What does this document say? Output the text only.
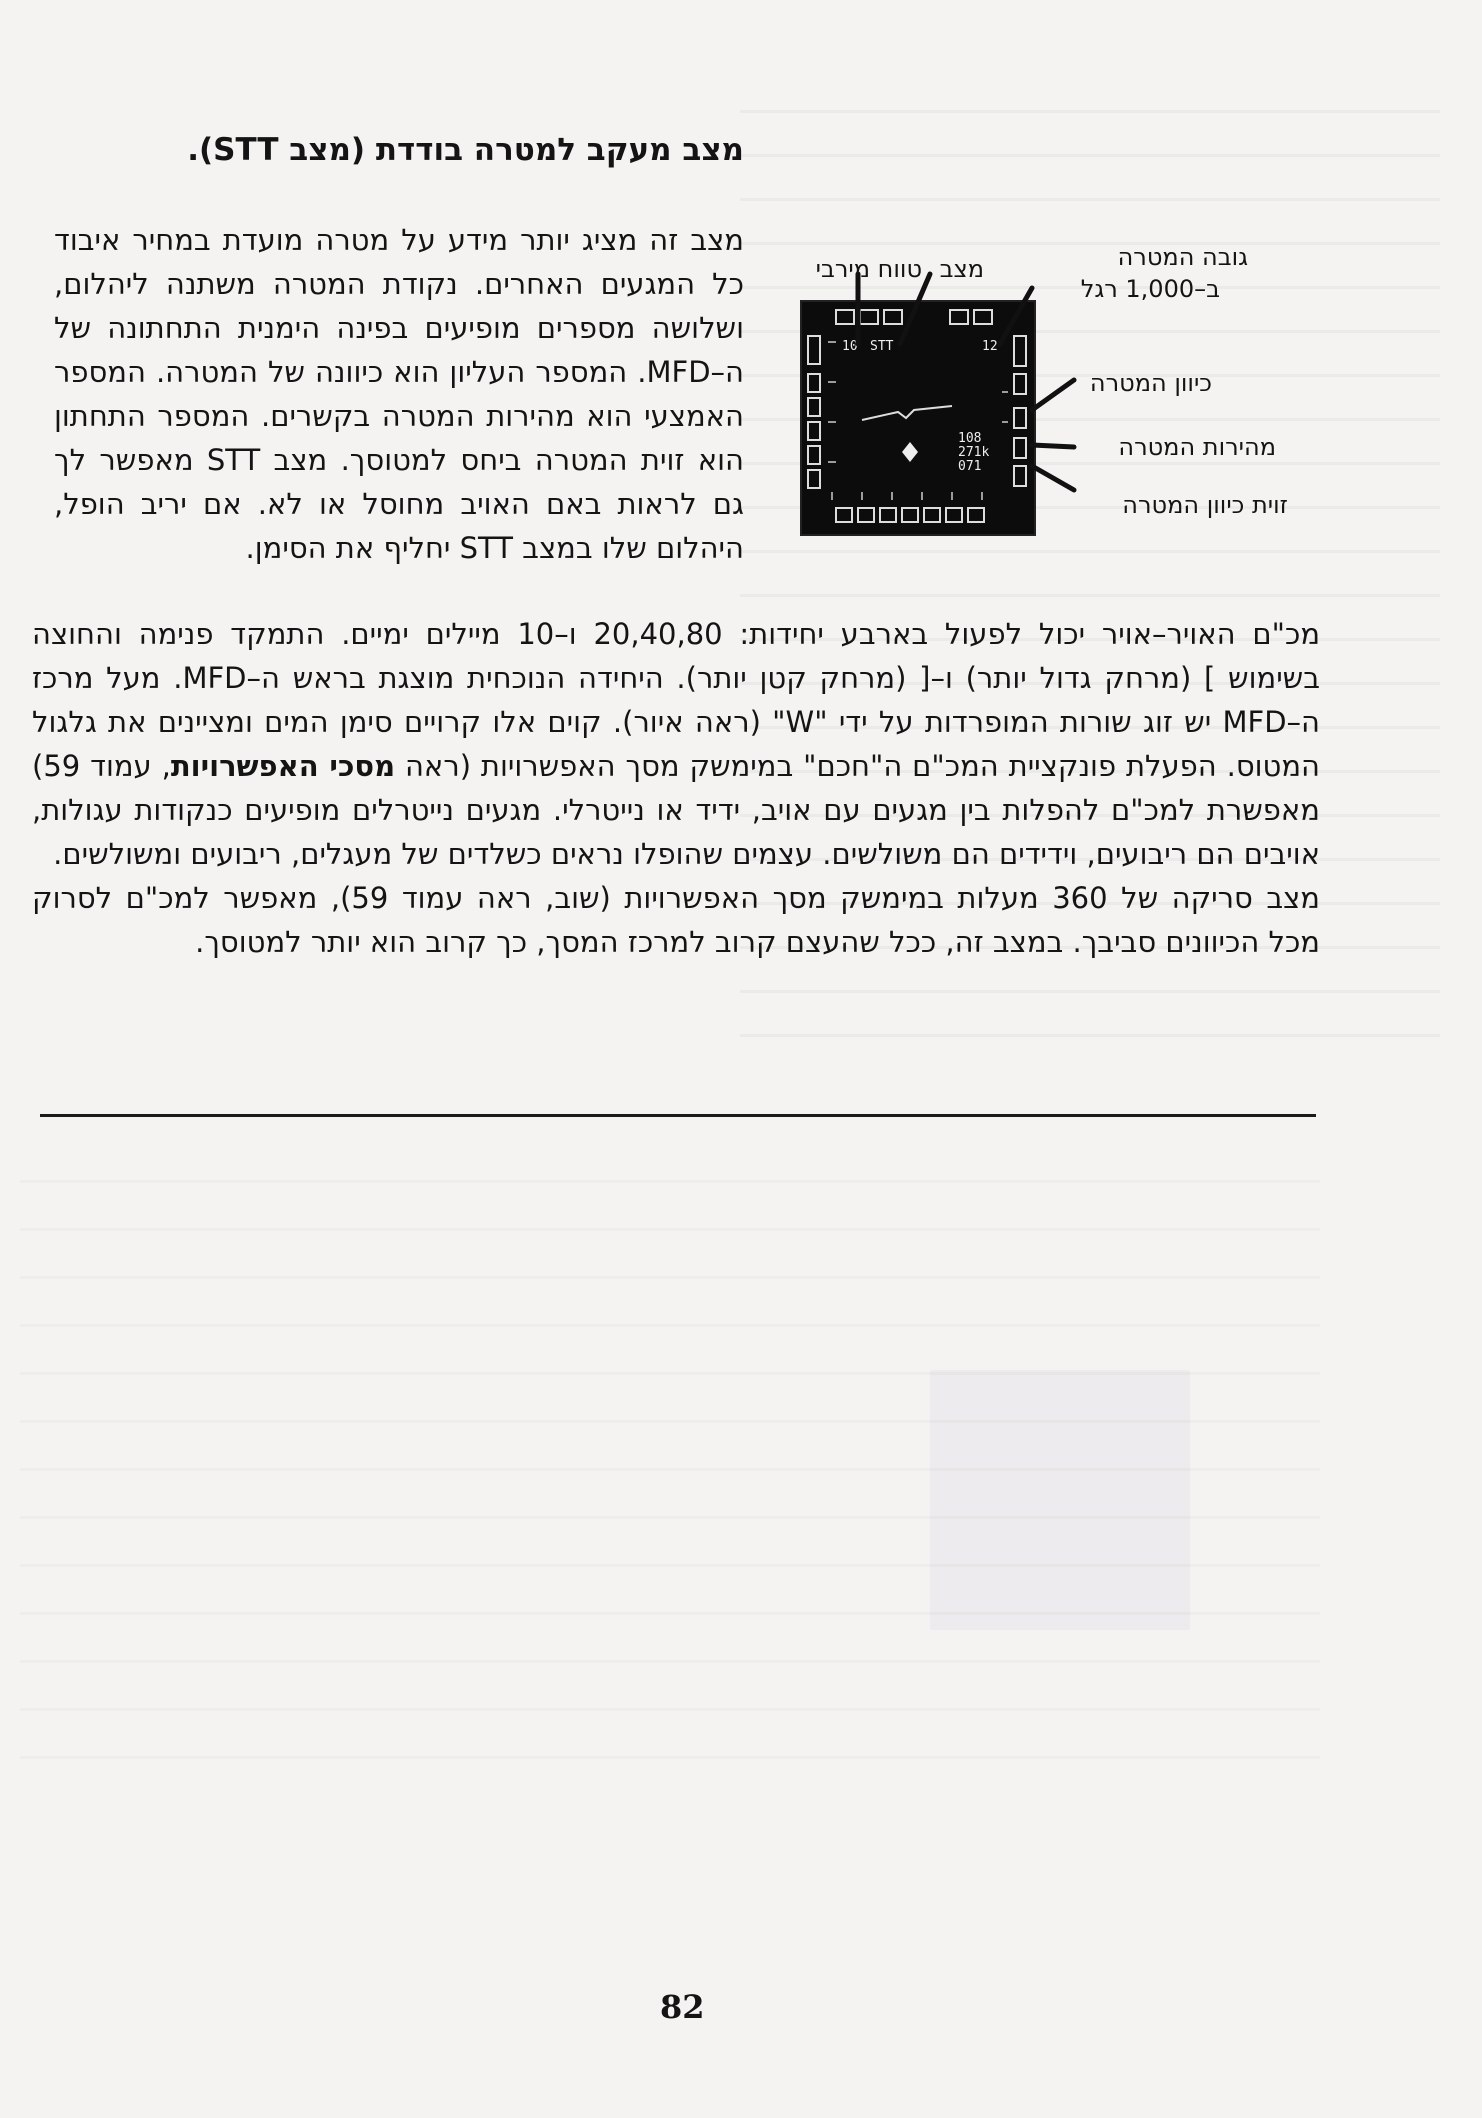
מצב מעקב למטרה בודדת (מצב STT).
מצב זה מציג יותר מידע על מטרה מועדת במחיר איבוד כל המגעים האחרים. נקודת המטרה משתנה ליהלום, ושלושה מספרים מופיעים בפינה הימנית התחתונה של ה–MFD. המספר העליון הוא כיוונה של המטרה. המספר האמצעי הוא מהירות המטרה בקשרים. המספר התחתון הוא זוית המטרה ביחס למטוסך. מצב STT מאפשר לך גם לראות באם האויב מחוסל או לא. אם יריב הופל, היהלום שלו במצב STT יחליף את הסימן.
10 STT	12
108
271k
071
טווח מירבי מצב	גובה המטרה
ב–1,000 רגל
כיוון המטרה
מהירות המטרה
זוית כיוון המטרה
מכ"ם האויר–אויר יכול לפעול בארבע יחידות: 20,40,80 ו–10 מיילים ימיים. התמקד פנימה והחוצה בשימוש ] (מרחק גדול יותר) ו–[ (מרחק קטן יותר). היחידה הנוכחית מוצגת בראש ה–MFD. מעל מרכז ה–MFD יש זוג שורות המופרדות על ידי "W" (ראה איור). קוים אלו קרויים סימן המים ומציינים את גלגול המטוס. הפעלת פונקציית המכ"ם ה"חכם" במימשק מסך האפשרויות (ראה מסכי האפשרויות, עמוד 59) מאפשרת למכ"ם להפלות בין מגעים עם אויב, ידיד או נייטרלי. מגעים נייטרלים מופיעים כנקודות עגולות, אויבים הם ריבועים, וידידים הם משולשים. עצמים שהופלו נראים כשלדים של מעגלים, ריבועים ומשולשים.
מצב סריקה של 360 מעלות במימשק מסך האפשרויות (שוב, ראה עמוד 59), מאפשר למכ"ם לסרוק מכל הכיוונים סביבך. במצב זה, ככל שהעצם קרוב למרכז המסך, כך קרוב הוא יותר למטוסך.
82
